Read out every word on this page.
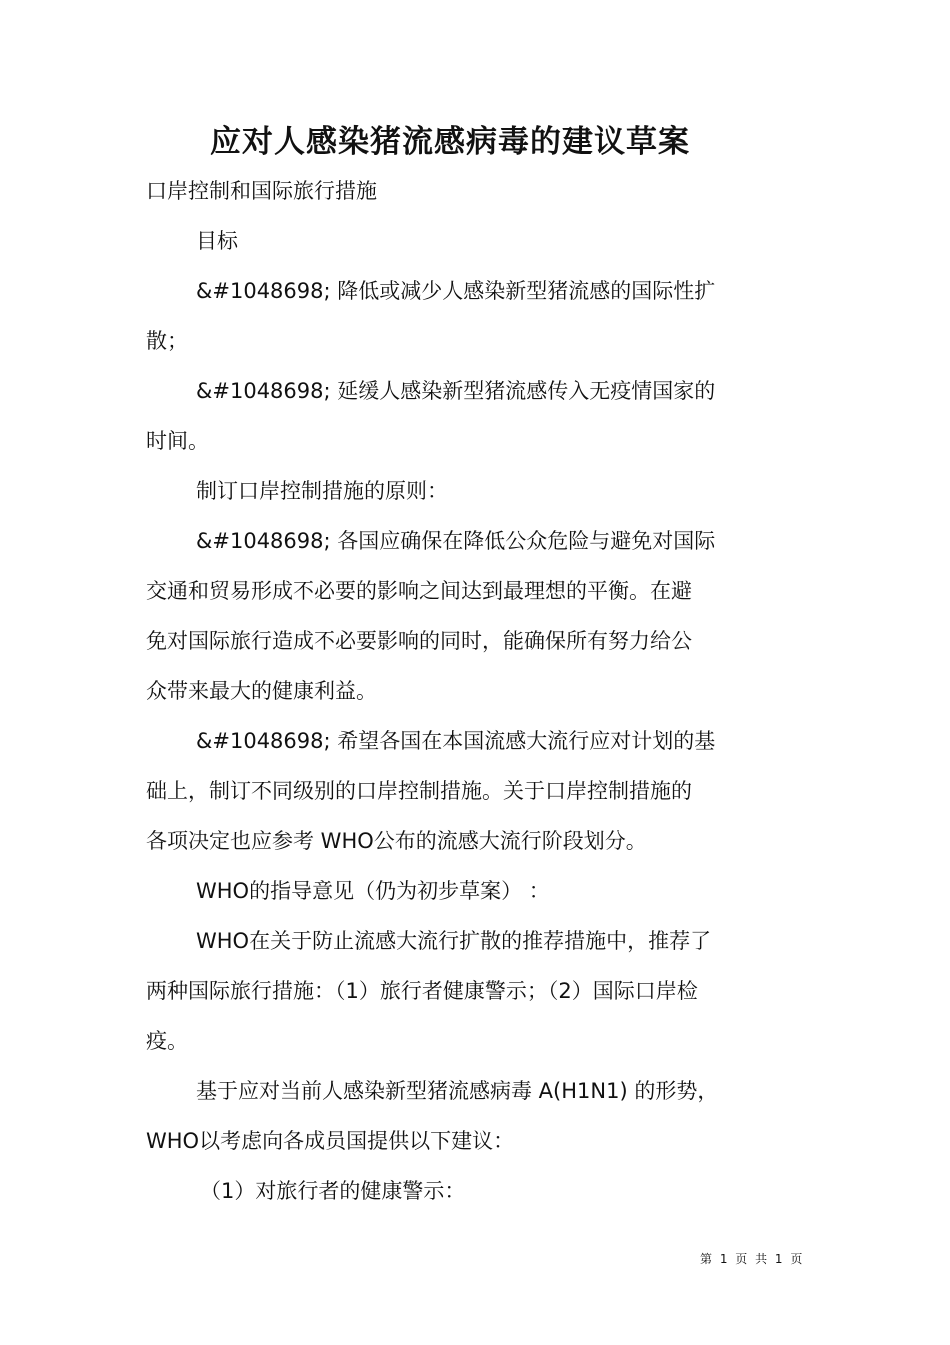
应对人感染猪流感病毒的建议草案
口岸控制和国际旅行措施
目标
&#1048698; 降低或减少人感染新型猪流感的国际性扩
散；
&#1048698; 延缓人感染新型猪流感传入无疫情国家的
时间。
制订口岸控制措施的原则：
&#1048698; 各国应确保在降低公众危险与避免对国际
交通和贸易形成不必要的影响之间达到最理想的平衡。在避
免对国际旅行造成不必要影响的同时，能确保所有努力给公
众带来最大的健康利益。
&#1048698; 希望各国在本国流感大流行应对计划的基
础上，制订不同级别的口岸控制措施。关于口岸控制措施的
各项决定也应参考 WHO公布的流感大流行阶段划分。
WHO的指导意见（仍为初步草案） ：
WHO在关于防止流感大流行扩散的推荐措施中，推荐了
两种国际旅行措施：（1）旅行者健康警示；（2）国际口岸检
疫。
基于应对当前人感染新型猪流感病毒 A(H1N1) 的形势，
WHO以考虑向各成员国提供以下建议：
（1）对旅行者的健康警示：
第 1 页 共 1 页
